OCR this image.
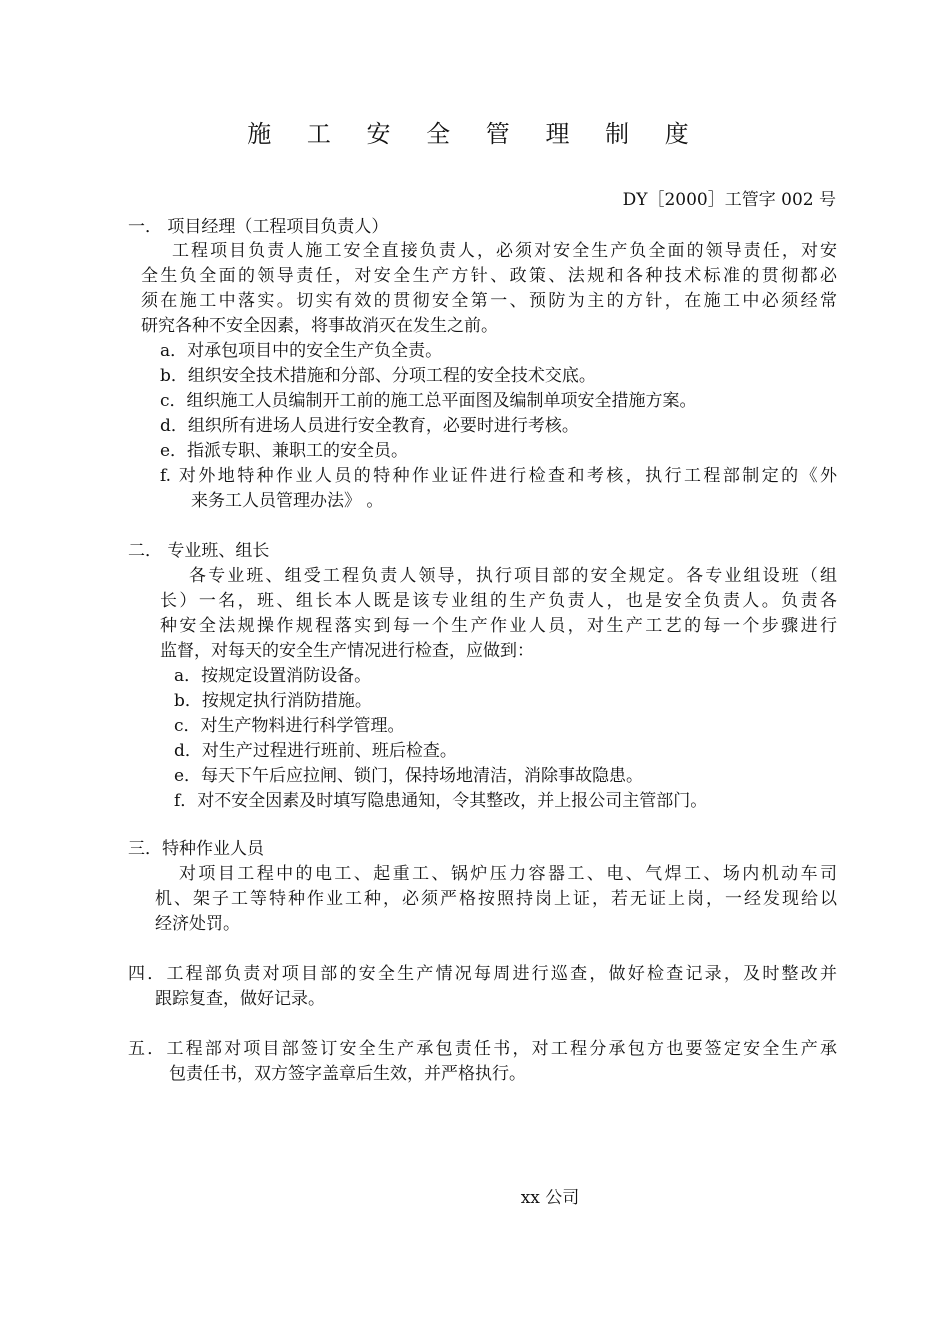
施 工 安 全 管 理 制 度
DY［2000］工管字 002 号
一． 项目经理（工程项目负责人）
工程项目负责人施工安全直接负责人，必须对安全生产负全面的领导责任，对安
全生负全面的领导责任，对安全生产方针、政策、法规和各种技术标准的贯彻都必
须在施工中落实。切实有效的贯彻安全第一、预防为主的方针，在施工中必须经常
研究各种不安全因素，将事故消灭在发生之前。
a．对承包项目中的安全生产负全责。
b．组织安全技术措施和分部、分项工程的安全技术交底。
c．组织施工人员编制开工前的施工总平面图及编制单项安全措施方案。
d．组织所有进场人员进行安全教育，必要时进行考核。
e．指派专职、兼职工的安全员。
f. 对外地特种作业人员的特种作业证件进行检查和考核，执行工程部制定的《外
来务工人员管理办法》 。
二． 专业班、组长
各专业班、组受工程负责人领导，执行项目部的安全规定。各专业组设班（组
长）一名，班、组长本人既是该专业组的生产负责人，也是安全负责人。负责各
种安全法规操作规程落实到每一个生产作业人员，对生产工艺的每一个步骤进行
监督，对每天的安全生产情况进行检查，应做到：
a．按规定设置消防设备。
b．按规定执行消防措施。
c．对生产物料进行科学管理。
d．对生产过程进行班前、班后检查。
e．每天下午后应拉闸、锁门，保持场地清洁，消除事故隐患。
f．对不安全因素及时填写隐患通知，令其整改，并上报公司主管部门。
三．特种作业人员
对项目工程中的电工、起重工、锅炉压力容器工、电、气焊工、场内机动车司
机、架子工等特种作业工种，必须严格按照持岗上证，若无证上岗，一经发现给以
经济处罚。
四．工程部负责对项目部的安全生产情况每周进行巡查，做好检查记录，及时整改并
跟踪复查，做好记录。
五．工程部对项目部签订安全生产承包责任书，对工程分承包方也要签定安全生产承
包责任书，双方签字盖章后生效，并严格执行。
xx 公司
